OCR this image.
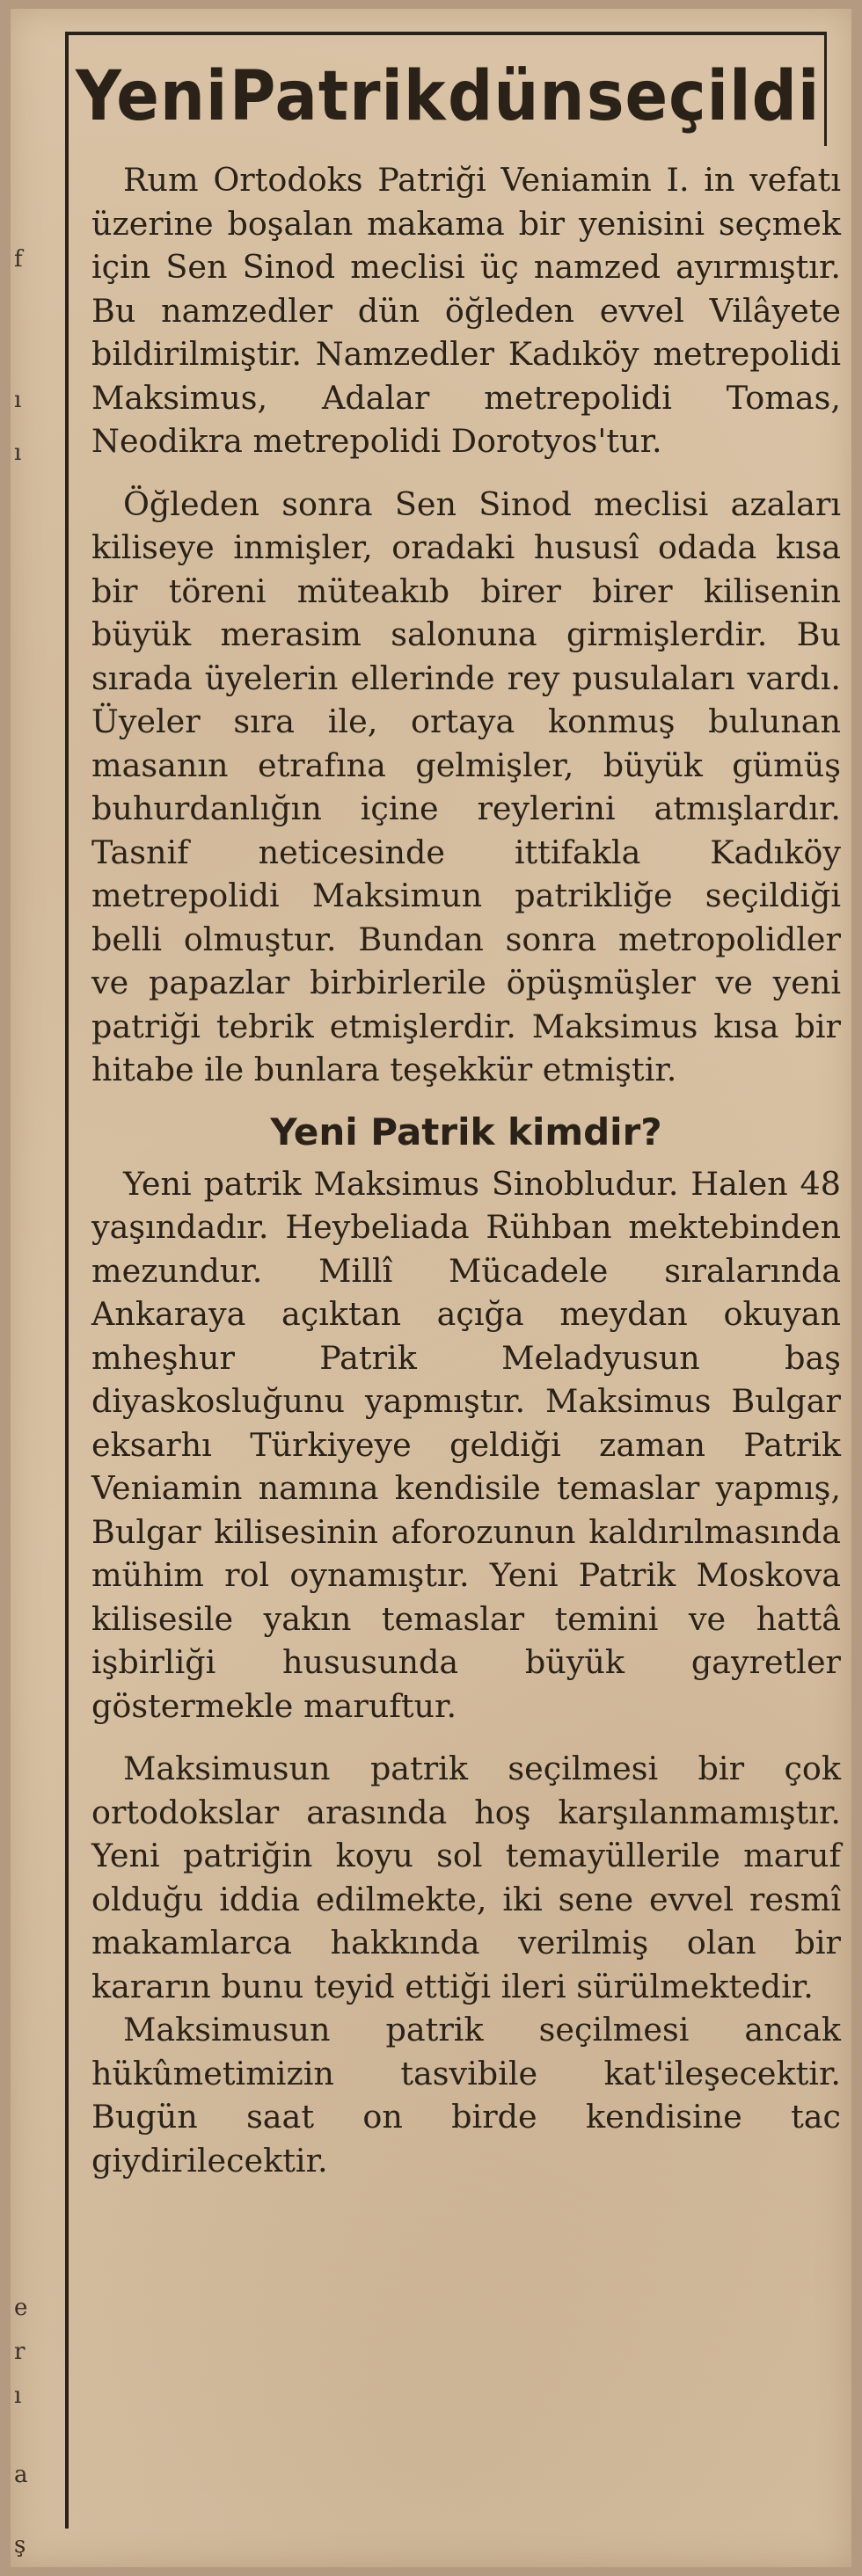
f
ı
ı
e
r
ı
a
ş
Yeni Patrik dün seçildi

Rum Ortodoks Patriği Veniamin I. in vefatı üzerine boşalan makama bir yenisini seçmek için Sen Sinod meclisi üç namzed ayırmıştır. Bu namzedler dün öğleden evvel Vilâyete bildirilmiştir. Namzedler Kadıköy metrepolidi Maksimus, Adalar metrepolidi Tomas, Neodikra metrepolidi Dorotyos'tur.

Öğleden sonra Sen Sinod meclisi azaları kiliseye inmişler, oradaki hususî odada kısa bir töreni müteakıb birer birer kilisenin büyük merasim salonuna girmişlerdir. Bu sırada üyelerin ellerinde rey pusulaları vardı. Üyeler sıra ile, ortaya konmuş bulunan masanın etrafına gelmişler, büyük gümüş buhurdanlığın içine reylerini atmışlardır. Tasnif neticesinde ittifakla Kadıköy metrepolidi Maksimun patrikliğe seçildiği belli olmuştur. Bundan sonra metropolidler ve papazlar birbirlerile öpüşmüşler ve yeni patriği tebrik etmişlerdir. Maksimus kısa bir hitabe ile bunlara teşekkür etmiştir.

Yeni Patrik kimdir?

Yeni patrik Maksimus Sinobludur. Halen 48 yaşındadır. Heybeliada Rühban mektebinden mezundur. Millî Mücadele sıralarında Ankaraya açıktan açığa meydan okuyan mheşhur Patrik Meladyusun baş diyaskosluğunu yapmıştır. Maksimus Bulgar eksarhı Türkiyeye geldiği zaman Patrik Veniamin namına kendisile temaslar yapmış, Bulgar kilisesinin aforozunun kaldırılmasında mühim rol oynamıştır. Yeni Patrik Moskova kilisesile yakın temaslar temini ve hattâ işbirliği hususunda büyük gayretler göstermekle maruftur.

Maksimusun patrik seçilmesi bir çok ortodokslar arasında hoş karşılanmamıştır. Yeni patriğin koyu sol temayüllerile maruf olduğu iddia edilmekte, iki sene evvel resmî makamlarca hakkında verilmiş olan bir kararın bunu teyid ettiği ileri sürülmektedir.

Maksimusun patrik seçilmesi ancak hükûmetimizin tasvibile kat'ileşecektir. Bugün saat on birde kendisine tac giydirilecektir.
